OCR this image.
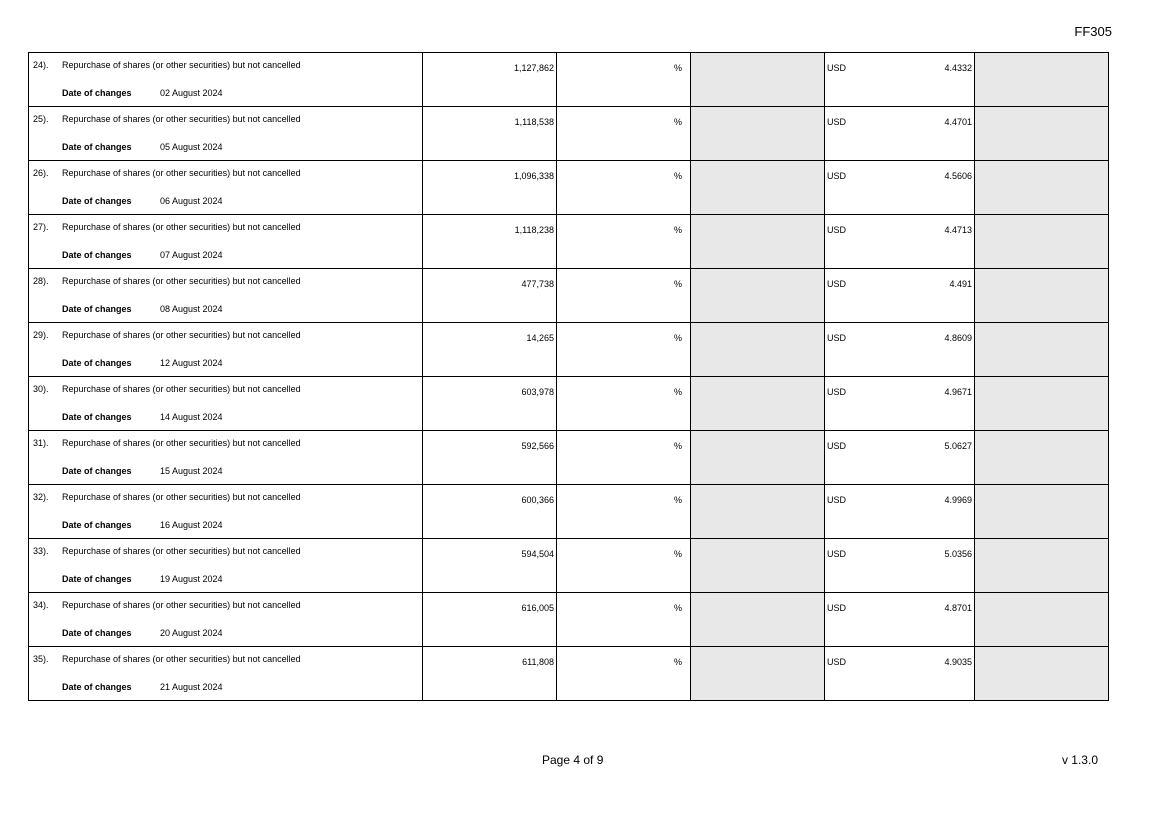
FF305
24). Repurchase of shares (or other securities) but not cancelled
Date of changes 02 August 2024	1,127,862	%		USD 4.4332	

25). Repurchase of shares (or other securities) but not cancelled
Date of changes 05 August 2024	1,118,538	%		USD 4.4701	

26). Repurchase of shares (or other securities) but not cancelled
Date of changes 06 August 2024	1,096,338	%		USD 4.5606	

27). Repurchase of shares (or other securities) but not cancelled
Date of changes 07 August 2024	1,118,238	%		USD 4.4713	

28). Repurchase of shares (or other securities) but not cancelled
Date of changes 08 August 2024	477,738	%		USD 4.491	

29). Repurchase of shares (or other securities) but not cancelled
Date of changes 12 August 2024	14,265	%		USD 4.8609	

30). Repurchase of shares (or other securities) but not cancelled
Date of changes 14 August 2024	603,978	%		USD 4.9671	

31). Repurchase of shares (or other securities) but not cancelled
Date of changes 15 August 2024	592,566	%		USD 5.0627	

32). Repurchase of shares (or other securities) but not cancelled
Date of changes 16 August 2024	600,366	%		USD 4.9969	

33). Repurchase of shares (or other securities) but not cancelled
Date of changes 19 August 2024	594,504	%		USD 5.0356	

34). Repurchase of shares (or other securities) but not cancelled
Date of changes 20 August 2024	616,005	%		USD 4.8701	

35). Repurchase of shares (or other securities) but not cancelled
Date of changes 21 August 2024	611,808	%		USD 4.9035	

Page 4 of 9	v 1.3.0
